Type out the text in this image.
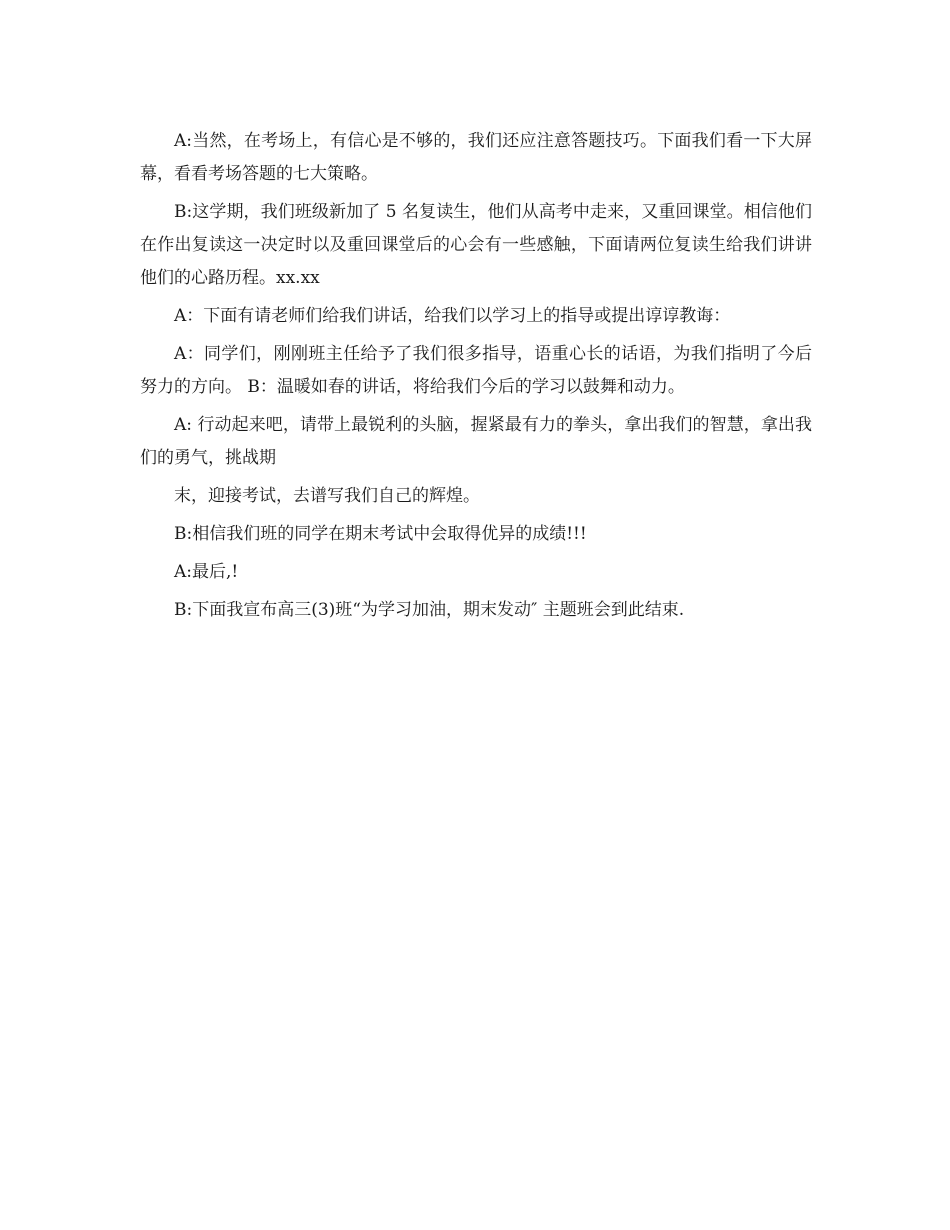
A:当然，在考场上，有信心是不够的，我们还应注意答题技巧。下面我们看一下大屏幕，看看考场答题的七大策略。

B:这学期，我们班级新加了 5 名复读生，他们从高考中走来，又重回课堂。相信他们在作出复读这一决定时以及重回课堂后的心会有一些感触，下面请两位复读生给我们讲讲他们的心路历程。xx.xx

A：下面有请老师们给我们讲话，给我们以学习上的指导或提出谆谆教诲：

A：同学们，刚刚班主任给予了我们很多指导，语重心长的话语，为我们指明了今后努力的方向。 B：温暖如春的讲话，将给我们今后的学习以鼓舞和动力。

A: 行动起来吧，请带上最锐利的头脑，握紧最有力的拳头，拿出我们的智慧，拿出我们的勇气，挑战期

末，迎接考试，去谱写我们自己的辉煌。

B:相信我们班的同学在期末考试中会取得优异的成绩!!!

A:最后,!

B:下面我宣布高三(3)班“为学习加油，期末发动″ 主题班会到此结束.
